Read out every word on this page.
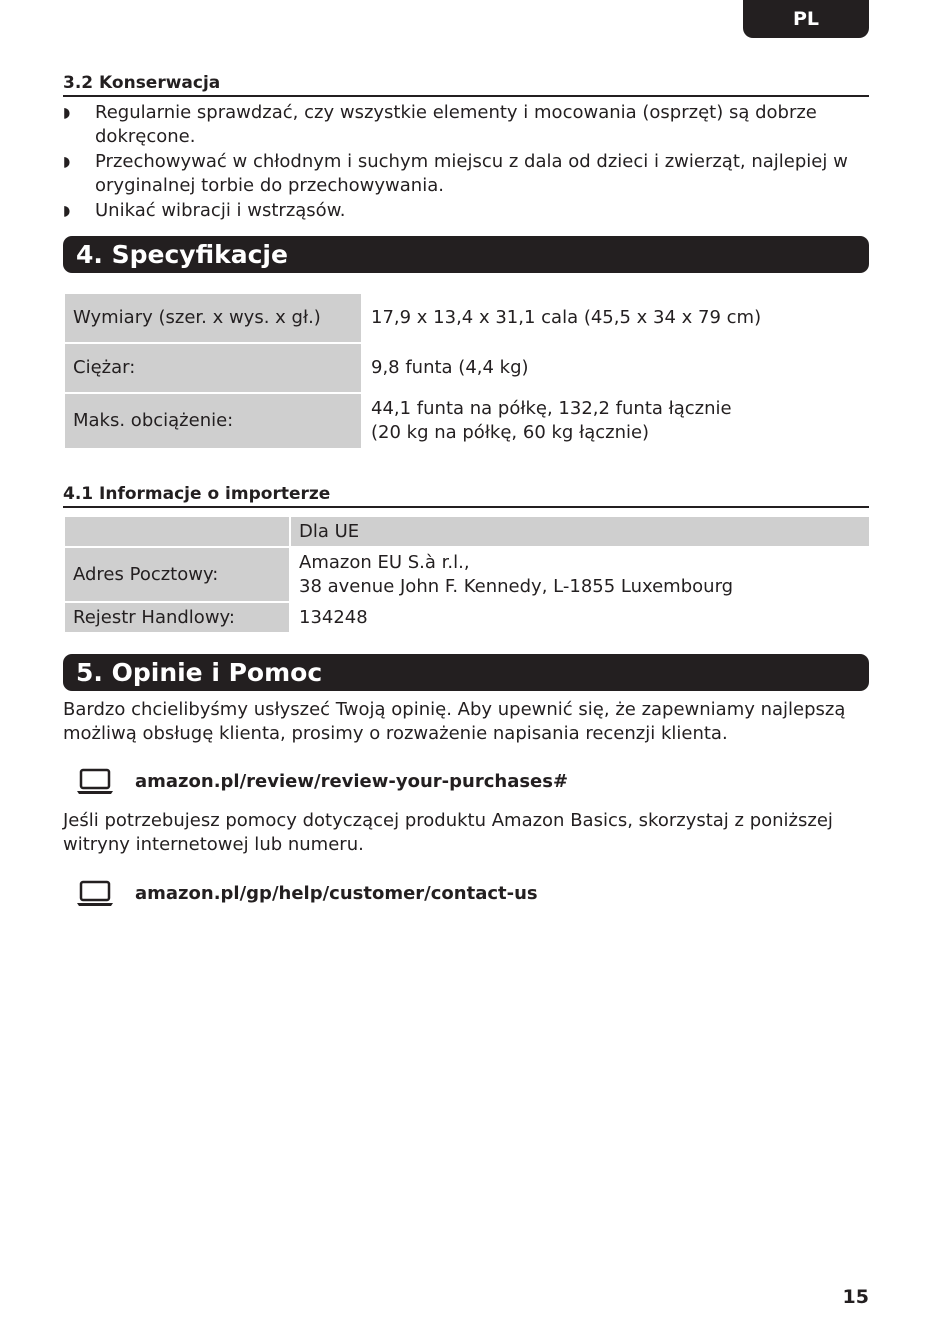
PL
3.2 Konserwacja
◗ Regularnie sprawdzać, czy wszystkie elementy i mocowania (osprzęt) są dobrze dokręcone.
◗ Przechowywać w chłodnym i suchym miejscu z dala od dzieci i zwierząt, najlepiej w oryginalnej torbie do przechowywania.
◗ Unikać wibracji i wstrząsów.
4. Specyfikacje
Wymiary (szer. x wys. x gł.)	17,9 x 13,4 x 31,1 cala (45,5 x 34 x 79 cm)

Ciężar:	9,8 funta (4,4 kg)

Maks. obciążenie:	44,1 funta na półkę, 132,2 funta łącznie
(20 kg na półkę, 60 kg łącznie)
4.1 Informacje o importerze
	Dla UE
Adres Pocztowy:	Amazon EU S.à r.l.,
38 avenue John F. Kennedy, L-1855 Luxembourg

Rejestr Handlowy:	134248
5. Opinie i Pomoc

Bardzo chcielibyśmy usłyszeć Twoją opinię. Aby upewnić się, że zapewniamy najlepszą możliwą obsługę klienta, prosimy o rozważenie napisania recenzji klienta.

amazon.pl/review/review-your-purchases#

Jeśli potrzebujesz pomocy dotyczącej produktu Amazon Basics, skorzystaj z poniższej witryny internetowej lub numeru.

amazon.pl/gp/help/customer/contact-us
15
